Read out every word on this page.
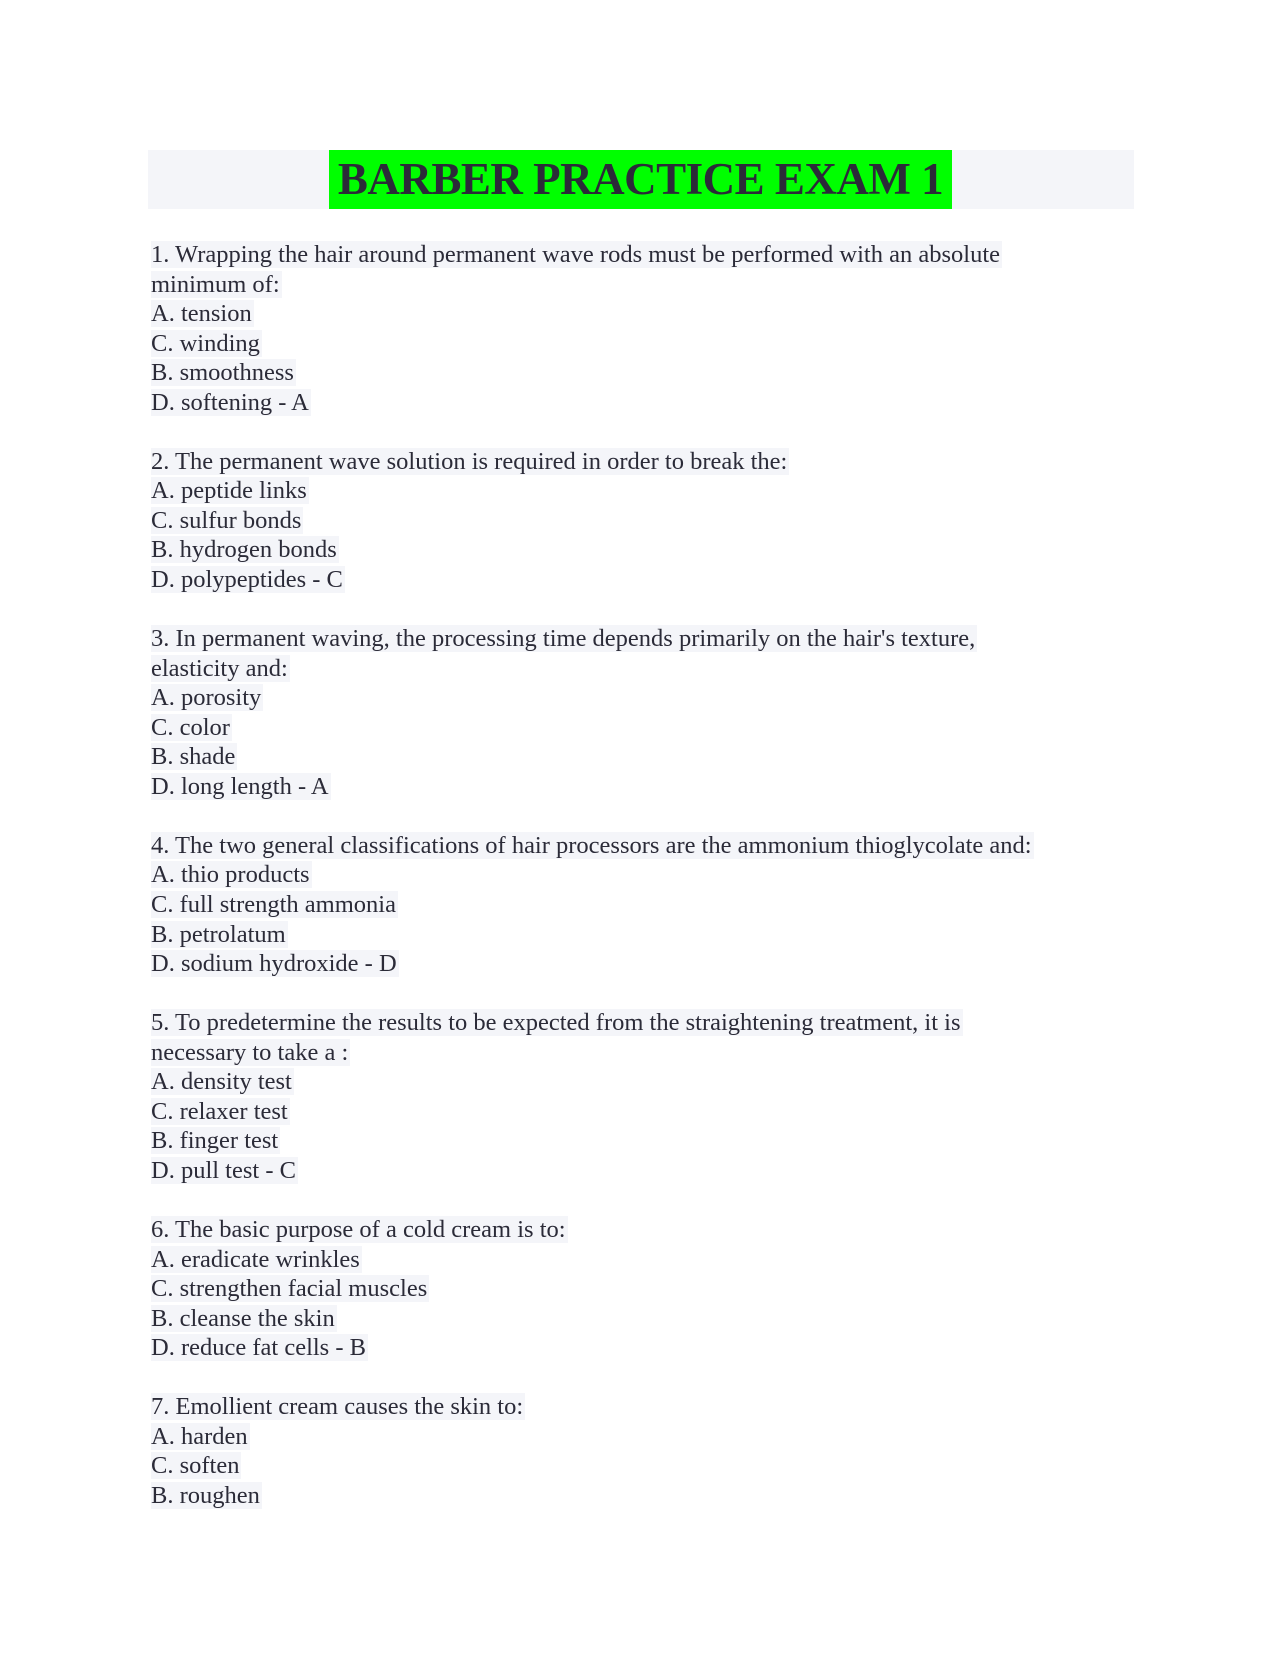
BARBER PRACTICE EXAM 1
1. Wrapping the hair around permanent wave rods must be performed with an absolute
minimum of:
A. tension
C. winding
B. smoothness
D. softening - A
2. The permanent wave solution is required in order to break the:
A. peptide links
C. sulfur bonds
B. hydrogen bonds
D. polypeptides - C
3. In permanent waving, the processing time depends primarily on the hair's texture,
elasticity and:
A. porosity
C. color
B. shade
D. long length - A
4. The two general classifications of hair processors are the ammonium thioglycolate and:
A. thio products
C. full strength ammonia
B. petrolatum
D. sodium hydroxide - D
5. To predetermine the results to be expected from the straightening treatment, it is
necessary to take a :
A. density test
C. relaxer test
B. finger test
D. pull test - C
6. The basic purpose of a cold cream is to:
A. eradicate wrinkles
C. strengthen facial muscles
B. cleanse the skin
D. reduce fat cells - B
7. Emollient cream causes the skin to:
A. harden
C. soften
B. roughen
